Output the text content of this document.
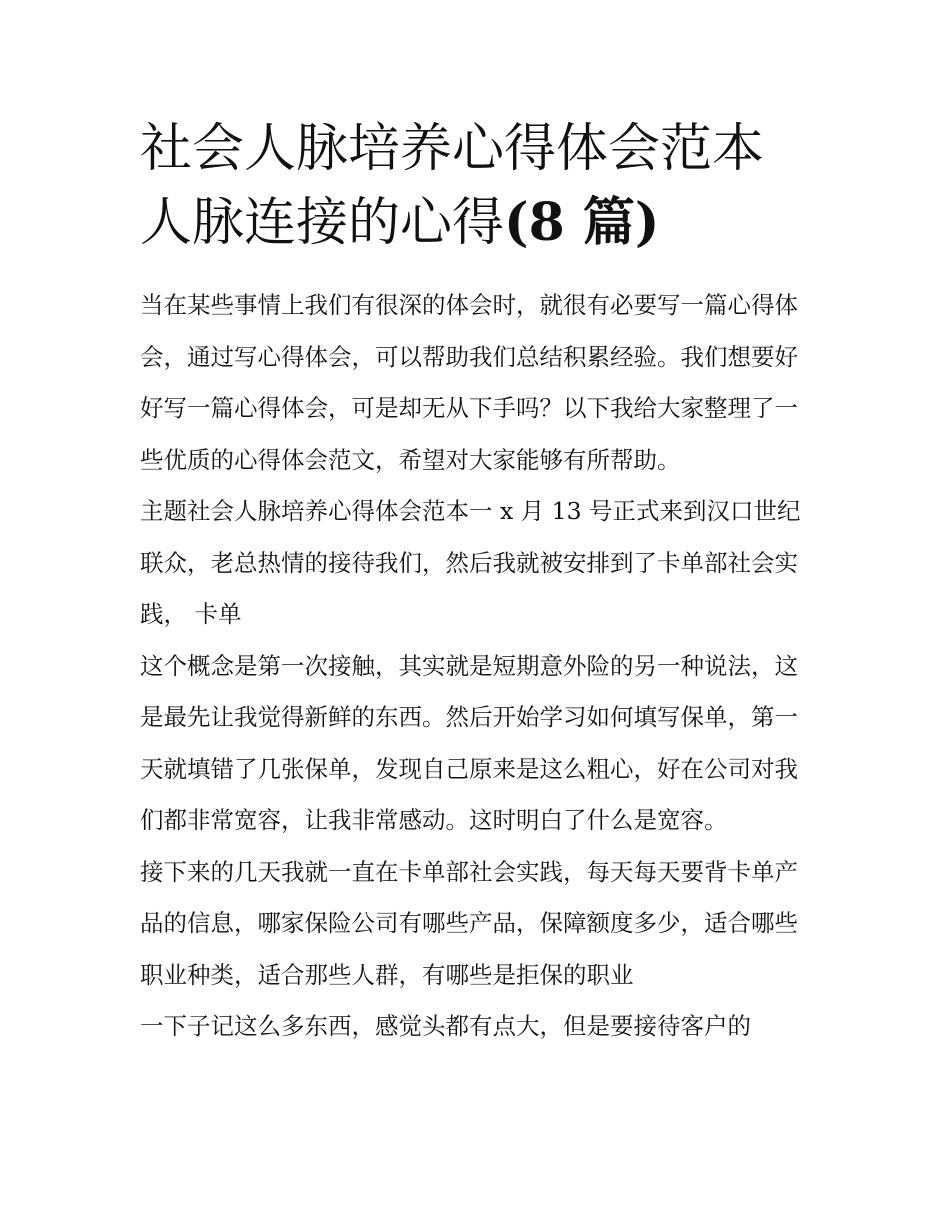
社会人脉培养心得体会范本 人脉连接的心得(8 篇)

当在某些事情上我们有很深的体会时，就很有必要写一篇心得体会，通过写心得体会，可以帮助我们总结积累经验。我们想要好好写一篇心得体会，可是却无从下手吗？以下我给大家整理了一些优质的心得体会范文，希望对大家能够有所帮助。

主题社会人脉培养心得体会范本一 x 月 13 号正式来到汉口世纪联众，老总热情的接待我们，然后我就被安排到了卡单部社会实践， 卡单

这个概念是第一次接触，其实就是短期意外险的另一种说法，这是最先让我觉得新鲜的东西。然后开始学习如何填写保单，第一天就填错了几张保单，发现自己原来是这么粗心，好在公司对我们都非常宽容，让我非常感动。这时明白了什么是宽容。

接下来的几天我就一直在卡单部社会实践，每天每天要背卡单产品的信息，哪家保险公司有哪些产品，保障额度多少，适合哪些职业种类，适合那些人群，有哪些是拒保的职业

一下子记这么多东西，感觉头都有点大，但是要接待客户的
